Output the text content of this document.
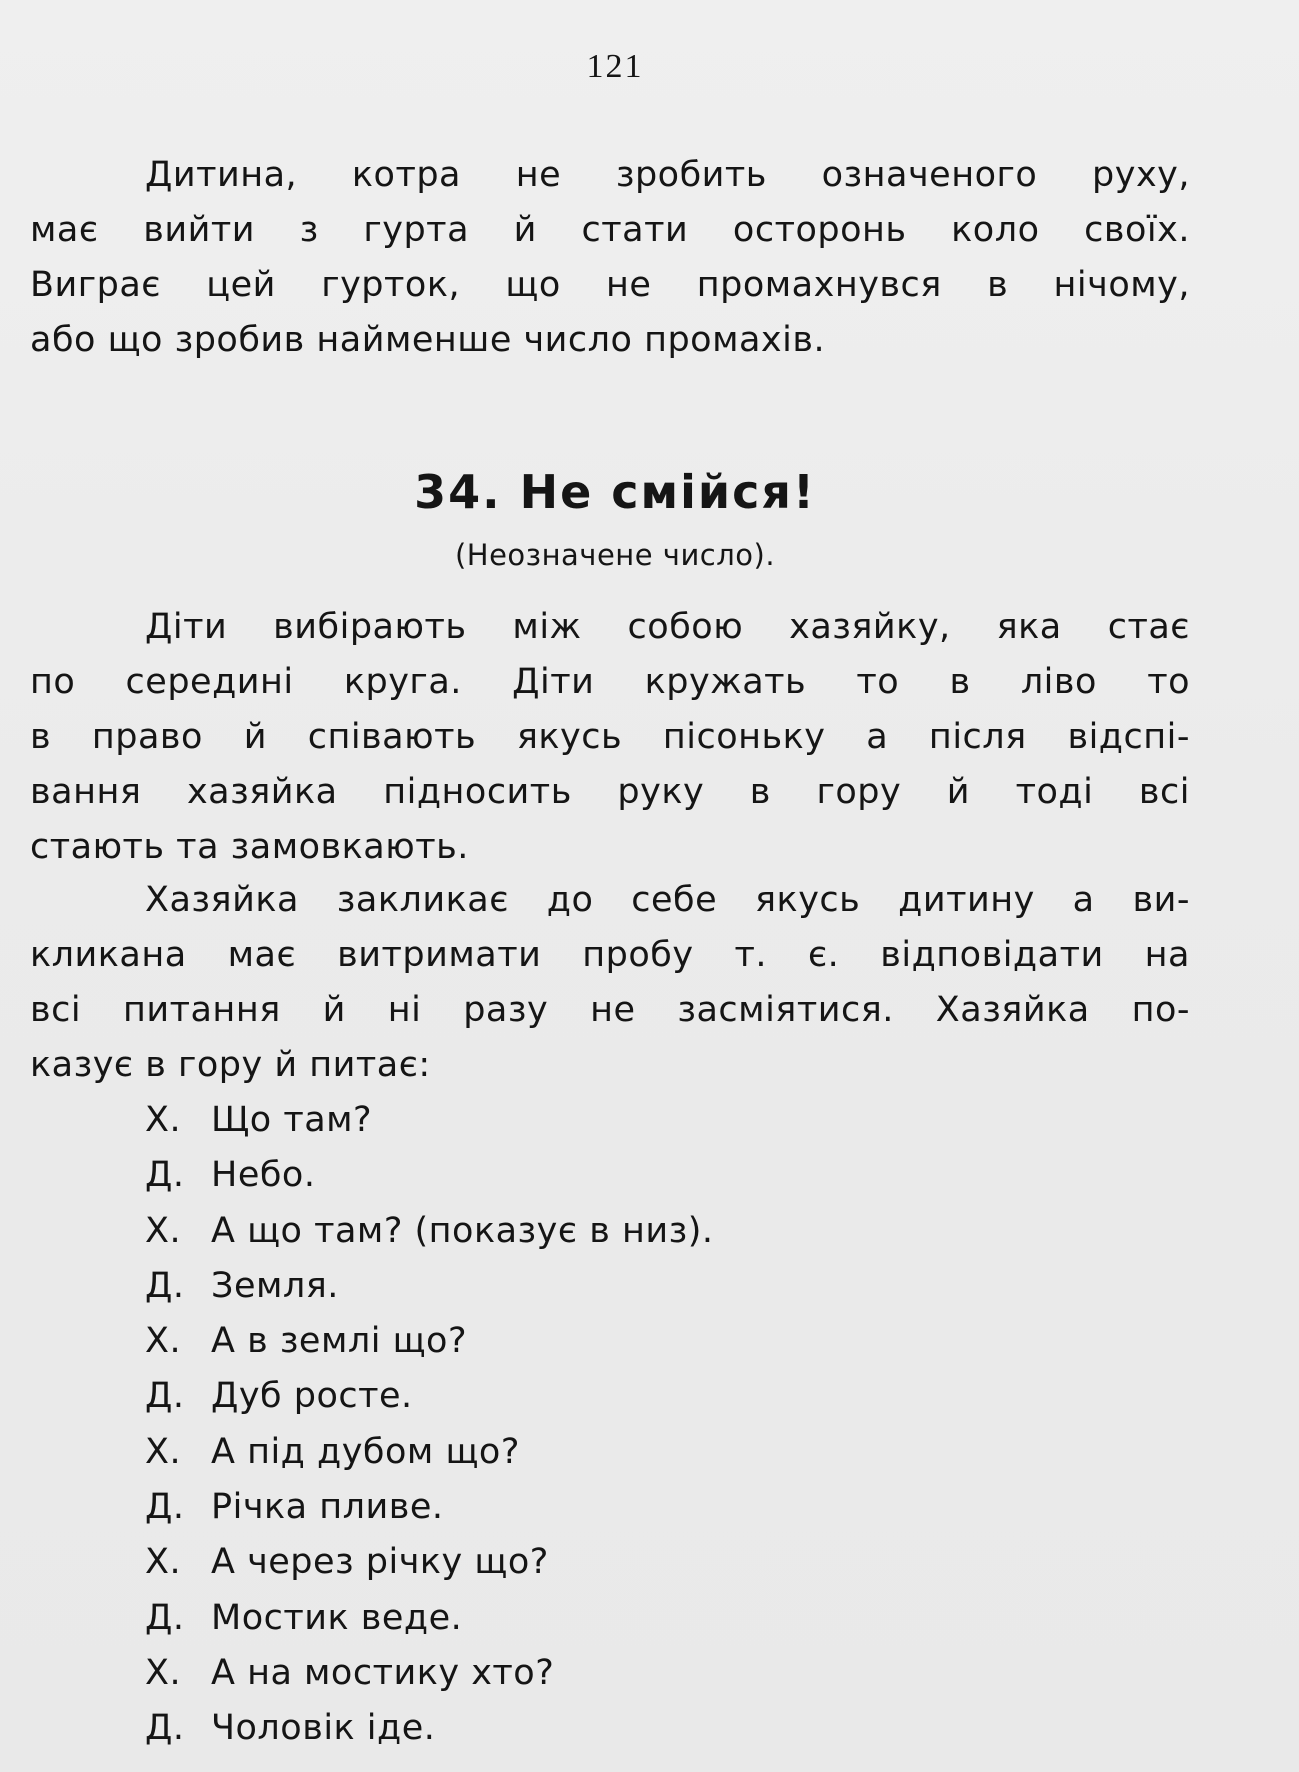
121

Дитина, котра не зробить означеного руху,
має вийти з гурта й стати осторонь коло своїх.
Виграє цей гурток, що не промахнувся в нічому,
або що зробив найменше число промахів.

34. Не смійся!
(Неозначене число).

Діти вибірають між собою хазяйку, яка стає
по середині круга. Діти кружать то в ліво то
в право й співають якусь пісоньку а після відспі-
вання хазяйка підносить руку в гору й тоді всі
стають та замовкають.

Хазяйка закликає до себе якусь дитину а ви-
кликана має витримати пробу т. є. відповідати на
всі питання й ні разу не засміятися. Хазяйка по-
казує в гору й питає:

Х. Що там?
Д. Небо.
Х. А що там? (показує в низ).
Д. Земля.
Х. А в землі що?
Д. Дуб росте.
Х. А під дубом що?
Д. Річка пливе.
Х. А через річку що?
Д. Мостик веде.
Х. А на мостику хто?
Д. Чоловік іде.
